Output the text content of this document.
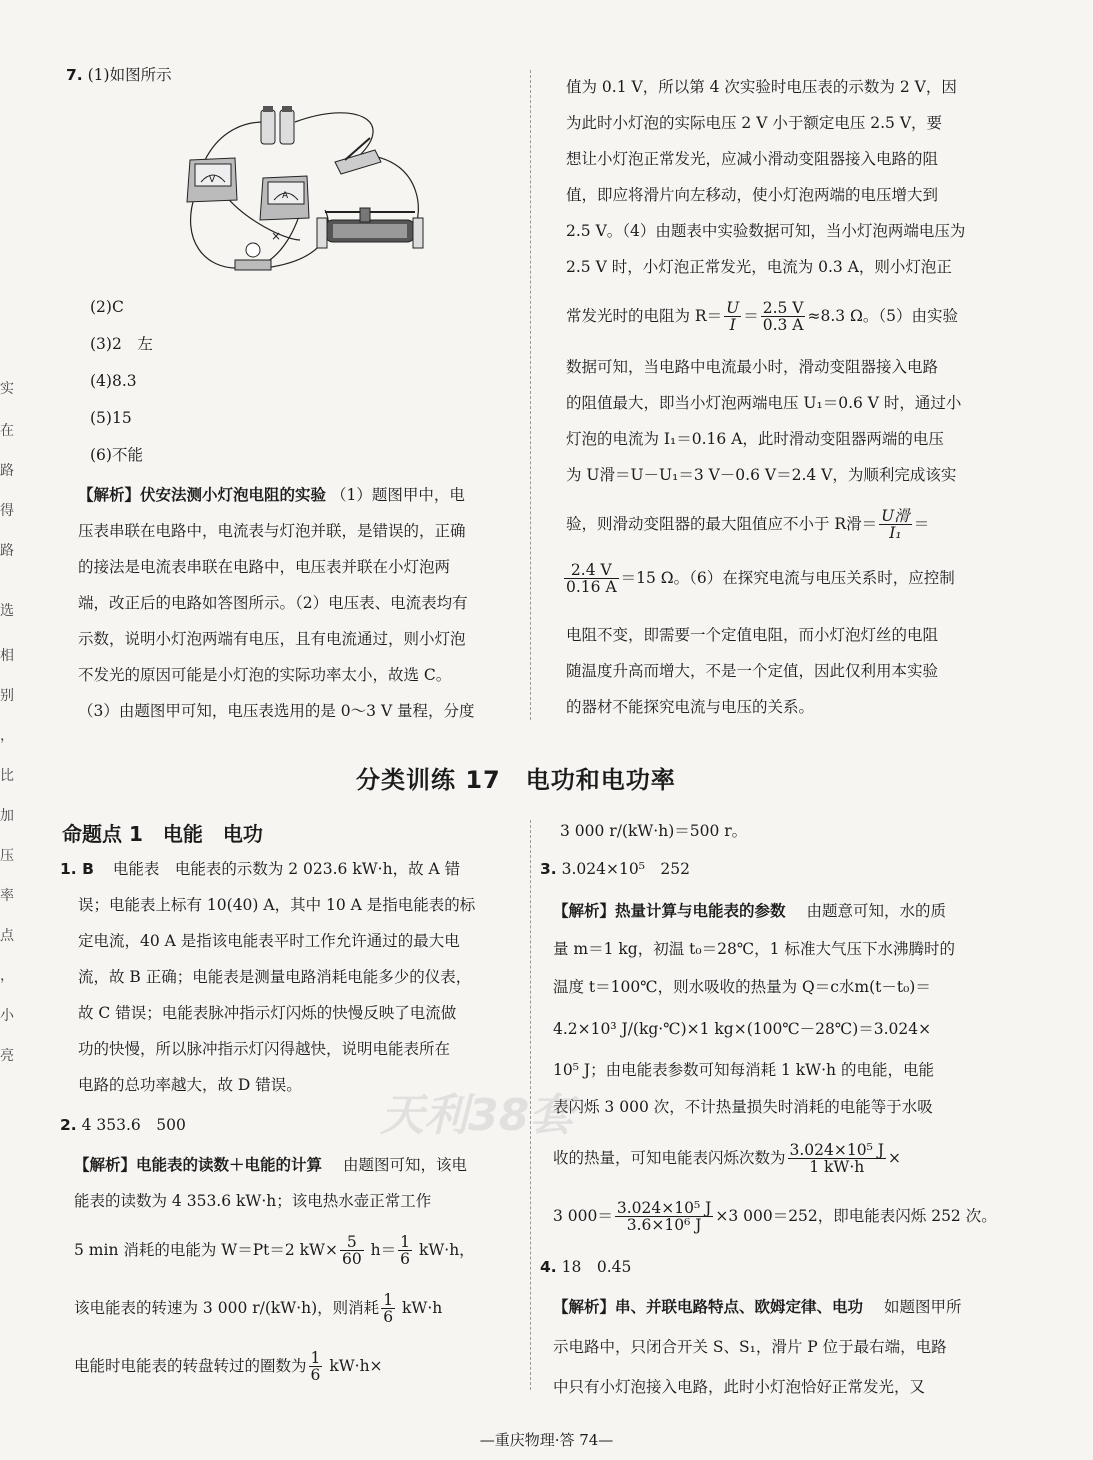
实
在
路
得
路
选
相
别
，
比
加
压
率
点
，
小
亮
7. (1)如图所示
V
A
×
(2)C
(3)2　左
(4)8.3
(5)15
(6)不能
【解析】伏安法测小灯泡电阻的实验 （1）题图甲中，电
压表串联在电路中，电流表与灯泡并联，是错误的，正确
的接法是电流表串联在电路中，电压表并联在小灯泡两
端，改正后的电路如答图所示。（2）电压表、电流表均有
示数，说明小灯泡两端有电压，且有电流通过，则小灯泡
不发光的原因可能是小灯泡的实际功率太小，故选 C。
（3）由题图甲可知，电压表选用的是 0～3 V 量程，分度
值为 0.1 V，所以第 4 次实验时电压表的示数为 2 V，因
为此时小灯泡的实际电压 2 V 小于额定电压 2.5 V，要
想让小灯泡正常发光，应减小滑动变阻器接入电路的阻
值，即应将滑片向左移动，使小灯泡两端的电压增大到
2.5 V。（4）由题表中实验数据可知，当小灯泡两端电压为
2.5 V 时，小灯泡正常发光，电流为 0.3 A，则小灯泡正
常发光时的电阻为 $R= \frac{U}{I} = \frac{2.5 V}{0.3 A} \approx 8.3$ Ω。（5）由实验
数据可知，当电路中电流最小时，滑动变阻器接入电路
的阻值最大，即当小灯泡两端电压 U₁＝0.6 V 时，通过小
灯泡的电流为 I₁＝0.16 A，此时滑动变阻器两端的电压
为 U滑＝U－U₁＝3 V－0.6 V＝2.4 V，为顺利完成该实
验，则滑动变阻器的最大阻值应不小于 R滑＝ $\frac{\text{U滑}}{\text{I₁}}$ ＝
$\frac{2.4 V}{0.16 A} =15$ Ω。（6）在探究电流与电压关系时，应控制
电阻不变，即需要一个定值电阻，而小灯泡灯丝的电阻
随温度升高而增大，不是一个定值，因此仅利用本实验
的器材不能探究电流与电压的关系。
分类训练 17　电功和电功率
命题点 1　电能　电功
1. B 电能表　电能表的示数为 2 023.6 kW·h，故 A 错
误；电能表上标有 10(40) A，其中 10 A 是指电能表的标
定电流，40 A 是指该电能表平时工作允许通过的最大电
流，故 B 正确；电能表是测量电路消耗电能多少的仪表，
故 C 错误；电能表脉冲指示灯闪烁的快慢反映了电流做
功的快慢，所以脉冲指示灯闪得越快，说明电能表所在
电路的总功率越大，故 D 错误。
2. 4 353.6　500
【解析】电能表的读数＋电能的计算 由题图可知，该电
能表的读数为 4 353.6 kW·h；该电热水壶正常工作
5 min 消耗的电能为 W＝Pt＝2 $kW\times \frac{5}{60} h= \frac{1}{6} kW\cdot h$，
该电能表的转速为 3 000 r/(kW·h)，则消耗 $\frac{1}{6} kW\cdot h$
电能时电能表的转盘转过的圈数为 $\frac{1}{6} kW\cdot h\times$
3 000 r/(kW·h)＝500 r。
3. 3.024×10⁵　252
【解析】热量计算与电能表的参数 由题意可知，水的质
量 m＝1 kg，初温 t₀＝28℃，1 标准大气压下水沸腾时的
温度 t＝100℃，则水吸收的热量为 Q＝c水m(t－t₀)＝
4.2×10³ J/(kg·℃)×1 kg×(100℃－28℃)＝3.024×
10⁵ J；由电能表参数可知每消耗 1 kW·h 的电能，电能
表闪烁 3 000 次，不计热量损失时消耗的电能等于水吸
收的热量，可知电能表闪烁次数为 $\frac{\text{3.024×10⁵ J}}{1 kW\cdot h}$ ×
3 $000= \frac{\text{3.024×10⁵ J}}{\text{3.6×10⁶ J}} \times 3$ 000＝252，即电能表闪烁 252 次。
4. 18　0.45
【解析】串、并联电路特点、欧姆定律、电功 如题图甲所
示电路中，只闭合开关 S、S₁，滑片 P 位于最右端，电路
中只有小灯泡接入电路，此时小灯泡恰好正常发光，又
天利38套
—重庆物理·答 74—
